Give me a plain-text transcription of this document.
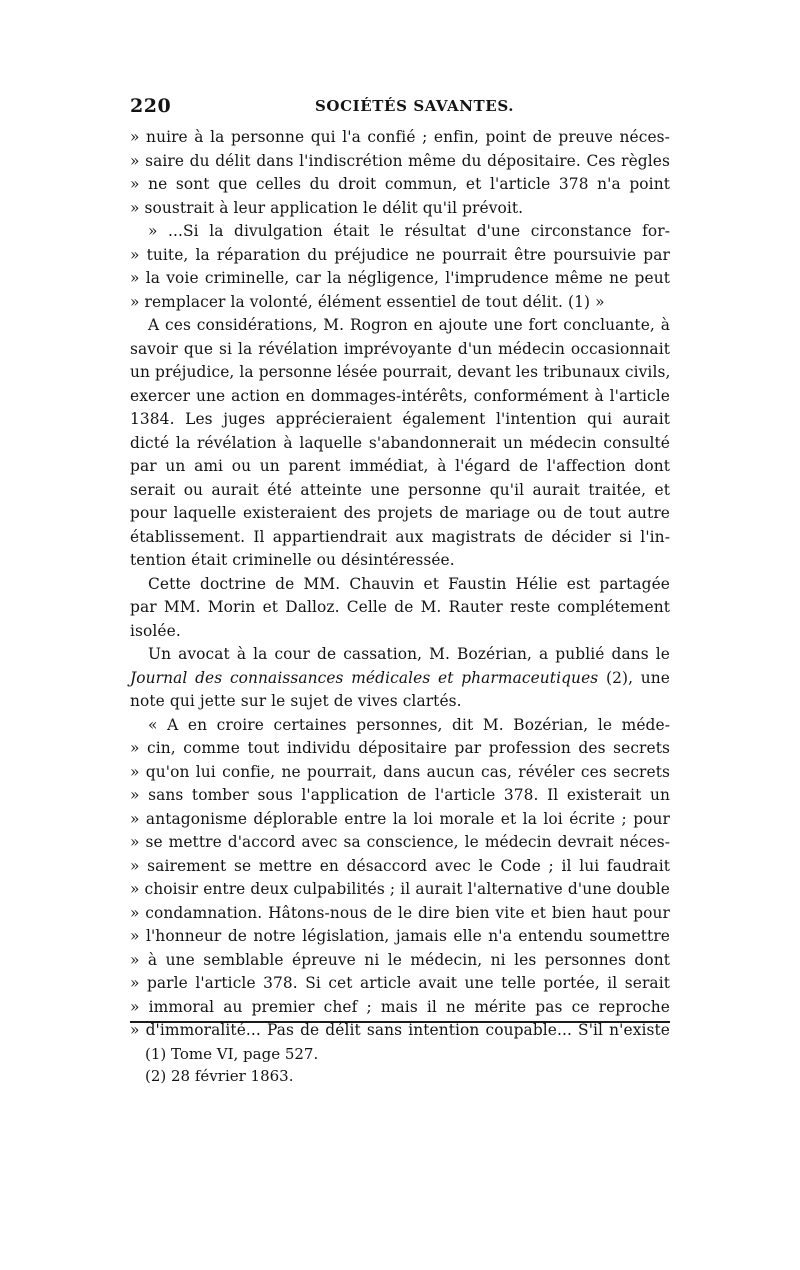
220	SOCIÉTÉS SAVANTES.
» nuire à la personne qui l'a confié ; enfin, point de preuve néces-
» saire du délit dans l'indiscrétion même du dépositaire. Ces règles
» ne sont que celles du droit commun, et l'article 378 n'a point
» soustrait à leur application le délit qu'il prévoit.
» ...Si la divulgation était le résultat d'une circonstance for-
» tuite, la réparation du préjudice ne pourrait être poursuivie par
» la voie criminelle, car la négligence, l'imprudence même ne peut
» remplacer la volonté, élément essentiel de tout délit. (1) »
A ces considérations, M. Rogron en ajoute une fort concluante, à
savoir que si la révélation imprévoyante d'un médecin occasionnait
un préjudice, la personne lésée pourrait, devant les tribunaux civils,
exercer une action en dommages-intérêts, conformément à l'article
1384. Les juges apprécieraient également l'intention qui aurait
dicté la révélation à laquelle s'abandonnerait un médecin consulté
par un ami ou un parent immédiat, à l'égard de l'affection dont
serait ou aurait été atteinte une personne qu'il aurait traitée, et
pour laquelle existeraient des projets de mariage ou de tout autre
établissement. Il appartiendrait aux magistrats de décider si l'in-
tention était criminelle ou désintéressée.
Cette doctrine de MM. Chauvin et Faustin Hélie est partagée
par MM. Morin et Dalloz. Celle de M. Rauter reste complétement
isolée.
Un avocat à la cour de cassation, M. Bozérian, a publié dans le
Journal des connaissances médicales et pharmaceutiques (2), une
note qui jette sur le sujet de vives clartés.
« A en croire certaines personnes, dit M. Bozérian, le méde-
» cin, comme tout individu dépositaire par profession des secrets
» qu'on lui confie, ne pourrait, dans aucun cas, révéler ces secrets
» sans tomber sous l'application de l'article 378. Il existerait un
» antagonisme déplorable entre la loi morale et la loi écrite ; pour
» se mettre d'accord avec sa conscience, le médecin devrait néces-
» sairement se mettre en désaccord avec le Code ; il lui faudrait
» choisir entre deux culpabilités ; il aurait l'alternative d'une double
» condamnation. Hâtons-nous de le dire bien vite et bien haut pour
» l'honneur de notre législation, jamais elle n'a entendu soumettre
» à une semblable épreuve ni le médecin, ni les personnes dont
» parle l'article 378. Si cet article avait une telle portée, il serait
» immoral au premier chef ; mais il ne mérite pas ce reproche
» d'immoralité... Pas de délit sans intention coupable... S'il n'existe
(1) Tome VI, page 527.
(2) 28 février 1863.
